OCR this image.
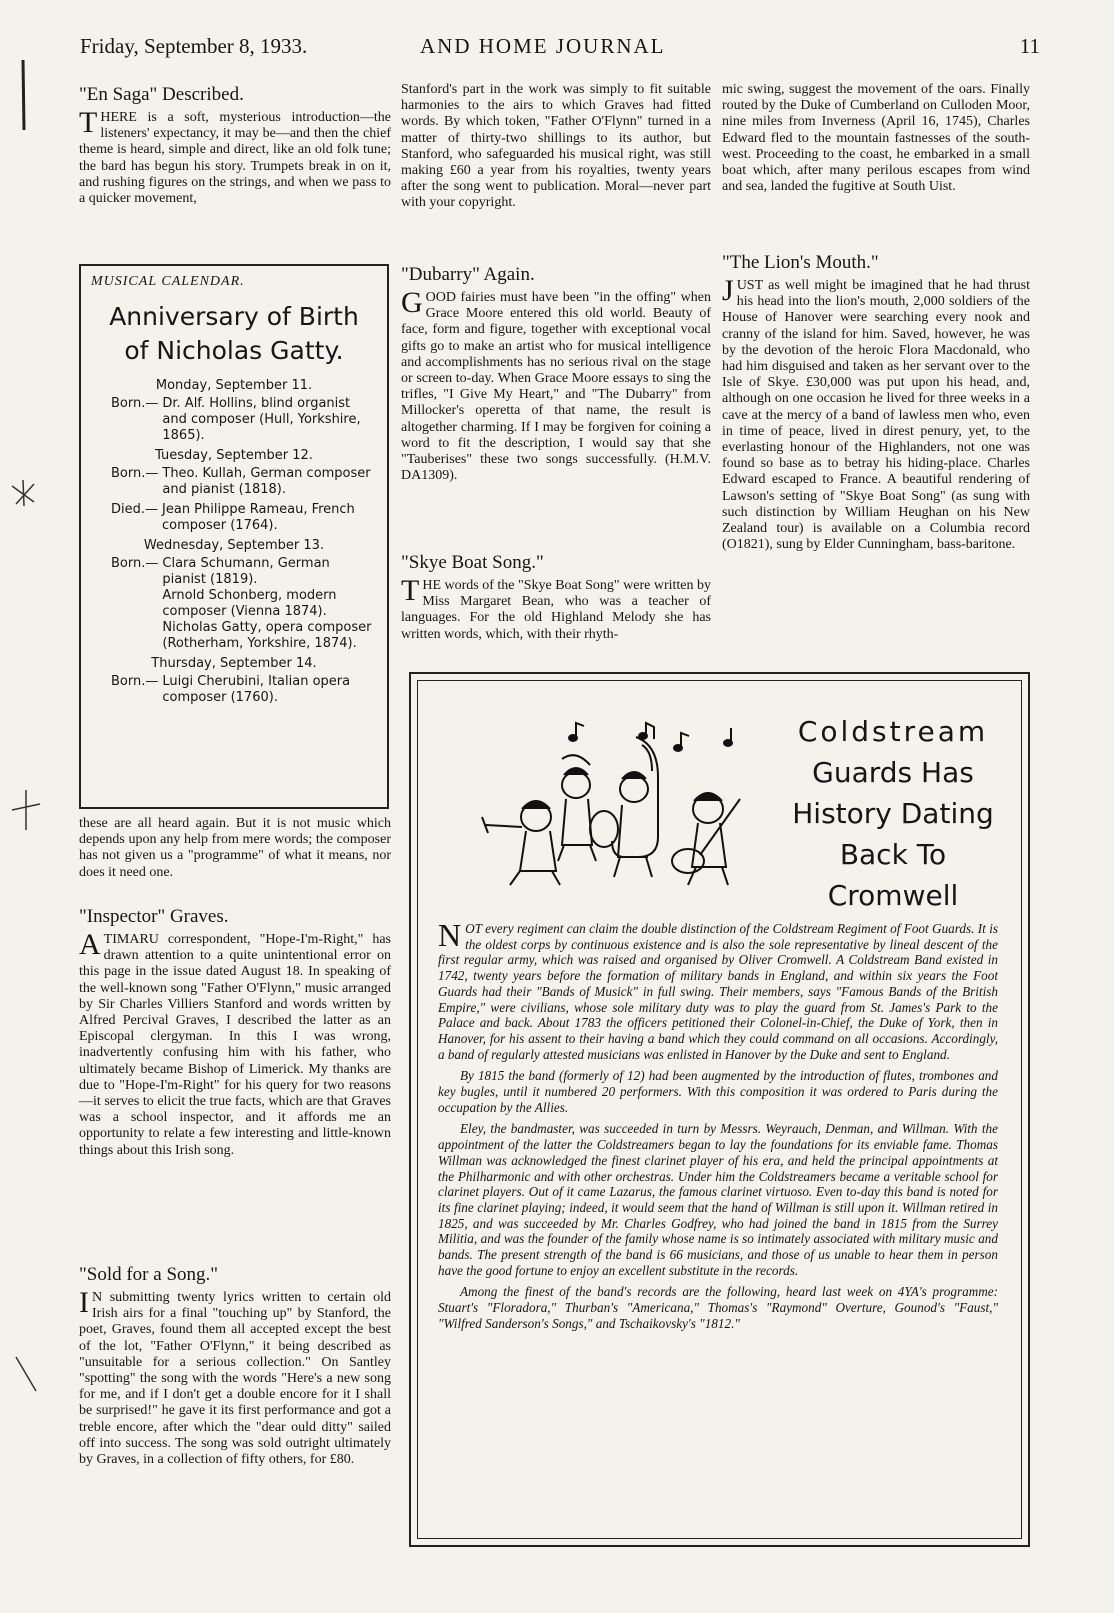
Friday, September 8, 1933.	AND HOME JOURNAL	11
"En Saga" Described.
THERE is a soft, mysterious introduction—the listeners' expectancy, it may be—and then the chief theme is heard, simple and direct, like an old folk tune; the bard has begun his story. Trumpets break in on it, and rushing figures on the strings, and when we pass to a quicker movement,
MUSICAL CALENDAR.
Anniversary of Birth
of Nicholas Gatty.
Monday, September 11.
Born.— Dr. Alf. Hollins, blind organist and composer (Hull, Yorkshire, 1865).
Tuesday, September 12.
Born.— Theo. Kullah, German composer and pianist (1818).
Died.— Jean Philippe Rameau, French composer (1764).
Wednesday, September 13.
Born.— Clara Schumann, German pianist (1819).
Arnold Schonberg, modern composer (Vienna 1874).
Nicholas Gatty, opera composer (Rotherham, Yorkshire, 1874).
Thursday, September 14.
Born.— Luigi Cherubini, Italian opera composer (1760).
these are all heard again. But it is not music which depends upon any help from mere words; the composer has not given us a "programme" of what it means, nor does it need one.
"Inspector" Graves.
ATIMARU correspondent, "Hope-I'm-Right," has drawn attention to a quite unintentional error on this page in the issue dated August 18. In speaking of the well-known song "Father O'Flynn," music arranged by Sir Charles Villiers Stanford and words written by Alfred Percival Graves, I described the latter as an Episcopal clergyman. In this I was wrong, inadvertently confusing him with his father, who ultimately became Bishop of Limerick. My thanks are due to "Hope-I'm-Right" for his query for two reasons—it serves to elicit the true facts, which are that Graves was a school inspector, and it affords me an opportunity to relate a few interesting and little-known things about this Irish song.
"Sold for a Song."
IN submitting twenty lyrics written to certain old Irish airs for a final "touching up" by Stanford, the poet, Graves, found them all accepted except the best of the lot, "Father O'Flynn," it being described as "unsuitable for a serious collection." On Santley "spotting" the song with the words "Here's a new song for me, and if I don't get a double encore for it I shall be surprised!" he gave it its first performance and got a treble encore, after which the "dear ould ditty" sailed off into success. The song was sold outright ultimately by Graves, in a collection of fifty others, for £80.
Stanford's part in the work was simply to fit suitable harmonies to the airs to which Graves had fitted words. By which token, "Father O'Flynn" turned in a matter of thirty-two shillings to its author, but Stanford, who safeguarded his musical right, was still making £60 a year from his royalties, twenty years after the song went to publication. Moral—never part with your copyright.
"Dubarry" Again.
GOOD fairies must have been "in the offing" when Grace Moore entered this old world. Beauty of face, form and figure, together with exceptional vocal gifts go to make an artist who for musical intelligence and accomplishments has no serious rival on the stage or screen to-day. When Grace Moore essays to sing the trifles, "I Give My Heart," and "The Dubarry" from Millocker's operetta of that name, the result is altogether charming. If I may be forgiven for coining a word to fit the description, I would say that she "Tauberises" these two songs successfully. (H.M.V. DA1309).
"Skye Boat Song."
THE words of the "Skye Boat Song" were written by Miss Margaret Bean, who was a teacher of languages. For the old Highland Melody she has written words, which, with their rhyth-
mic swing, suggest the movement of the oars. Finally routed by the Duke of Cumberland on Culloden Moor, nine miles from Inverness (April 16, 1745), Charles Edward fled to the mountain fastnesses of the south-west. Proceeding to the coast, he embarked in a small boat which, after many perilous escapes from wind and sea, landed the fugitive at South Uist.
"The Lion's Mouth."
JUST as well might be imagined that he had thrust his head into the lion's mouth, 2,000 soldiers of the House of Hanover were searching every nook and cranny of the island for him. Saved, however, he was by the devotion of the heroic Flora Macdonald, who had him disguised and taken as her servant over to the Isle of Skye. £30,000 was put upon his head, and, although on one occasion he lived for three weeks in a cave at the mercy of a band of lawless men who, even in time of peace, lived in direst penury, yet, to the everlasting honour of the Highlanders, not one was found so base as to betray his hiding-place. Charles Edward escaped to France. A beautiful rendering of Lawson's setting of "Skye Boat Song" (as sung with such distinction by William Heughan on his New Zealand tour) is available on a Columbia record (O1821), sung by Elder Cunningham, bass-baritone.
Coldstream
Guards Has
History Dating
Back To
Cromwell

NOT every regiment can claim the double distinction of the Coldstream Regiment of Foot Guards. It is the oldest corps by continuous existence and is also the sole representative by lineal descent of the first regular army, which was raised and organised by Oliver Cromwell. A Coldstream Band existed in 1742, twenty years before the formation of military bands in England, and within six years the Foot Guards had their "Bands of Musick" in full swing. Their members, says "Famous Bands of the British Empire," were civilians, whose sole military duty was to play the guard from St. James's Park to the Palace and back. About 1783 the officers petitioned their Colonel-in-Chief, the Duke of York, then in Hanover, for his assent to their having a band which they could command on all occasions. Accordingly, a band of regularly attested musicians was enlisted in Hanover by the Duke and sent to England.

By 1815 the band (formerly of 12) had been augmented by the introduction of flutes, trombones and key bugles, until it numbered 20 performers. With this composition it was ordered to Paris during the occupation by the Allies.

Eley, the bandmaster, was succeeded in turn by Messrs. Weyrauch, Denman, and Willman. With the appointment of the latter the Coldstreamers began to lay the foundations for its enviable fame. Thomas Willman was acknowledged the finest clarinet player of his era, and held the principal appointments at the Philharmonic and with other orchestras. Under him the Coldstreamers became a veritable school for clarinet players. Out of it came Lazarus, the famous clarinet virtuoso. Even to-day this band is noted for its fine clarinet playing; indeed, it would seem that the hand of Willman is still upon it. Willman retired in 1825, and was succeeded by Mr. Charles Godfrey, who had joined the band in 1815 from the Surrey Militia, and was the founder of the family whose name is so intimately associated with military music and bands. The present strength of the band is 66 musicians, and those of us unable to hear them in person have the good fortune to enjoy an excellent substitute in the records.

Among the finest of the band's records are the following, heard last week on 4YA's programme: Stuart's "Floradora," Thurban's "Americana," Thomas's "Raymond" Overture, Gounod's "Faust," "Wilfred Sanderson's Songs," and Tschaikovsky's "1812."
